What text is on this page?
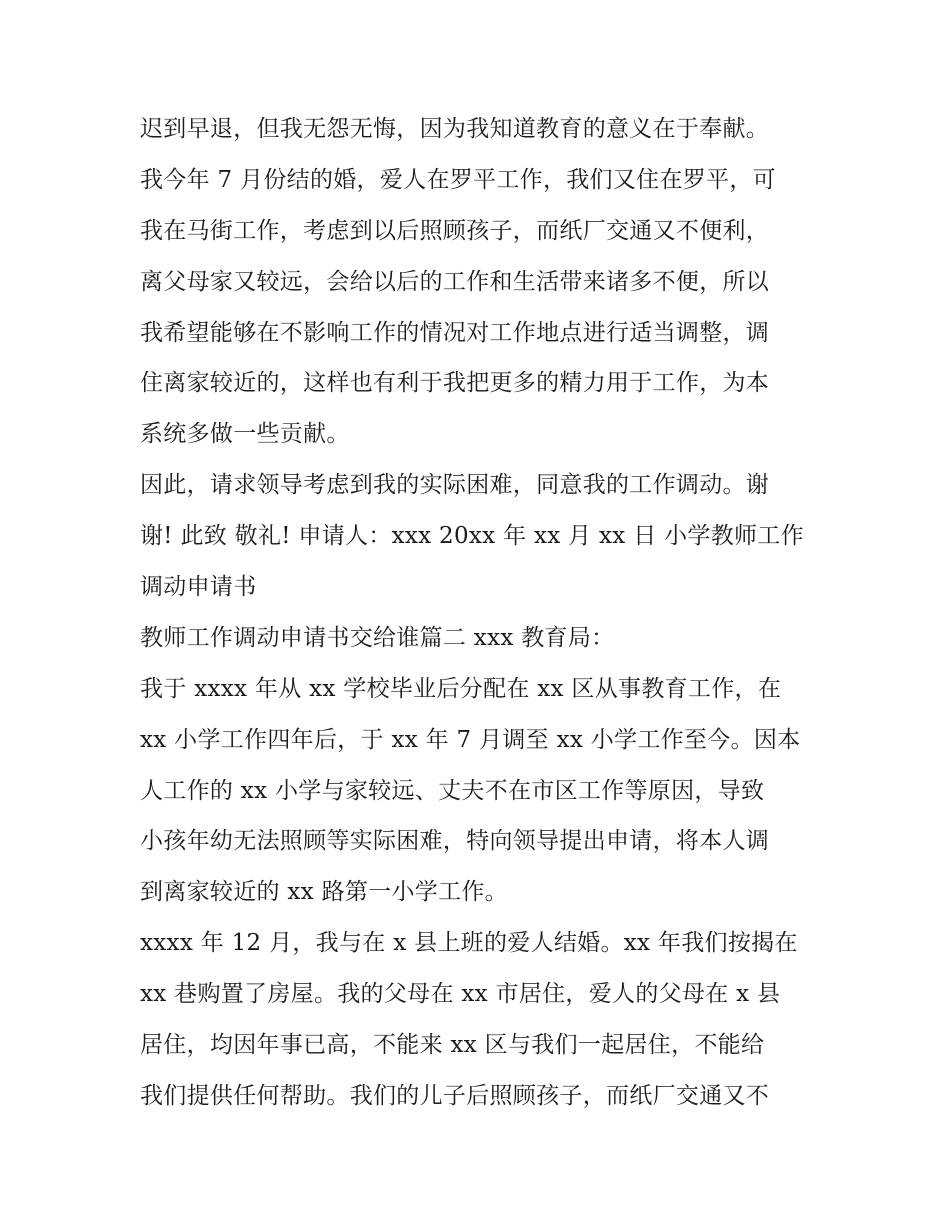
迟到早退，但我无怨无悔，因为我知道教育的意义在于奉献。
我今年 7 月份结的婚，爱人在罗平工作，我们又住在罗平，可
我在马街工作，考虑到以后照顾孩子，而纸厂交通又不便利，
离父母家又较远，会给以后的工作和生活带来诸多不便，所以
我希望能够在不影响工作的情况对工作地点进行适当调整，调
住离家较近的，这样也有利于我把更多的精力用于工作，为本
系统多做一些贡献。
因此，请求领导考虑到我的实际困难，同意我的工作调动。谢
谢! 此致 敬礼! 申请人：xxx 20xx 年 xx 月 xx 日 小学教师工作
调动申请书
教师工作调动申请书交给谁篇二 xxx 教育局：
我于 xxxx 年从 xx 学校毕业后分配在 xx 区从事教育工作，在
xx 小学工作四年后，于 xx 年 7 月调至 xx 小学工作至今。因本
人工作的 xx 小学与家较远、丈夫不在市区工作等原因，导致
小孩年幼无法照顾等实际困难，特向领导提出申请，将本人调
到离家较近的 xx 路第一小学工作。
xxxx 年 12 月，我与在 x 县上班的爱人结婚。xx 年我们按揭在
xx 巷购置了房屋。我的父母在 xx 市居住，爱人的父母在 x 县
居住，均因年事已高，不能来 xx 区与我们一起居住，不能给
我们提供任何帮助。我们的儿子后照顾孩子，而纸厂交通又不
